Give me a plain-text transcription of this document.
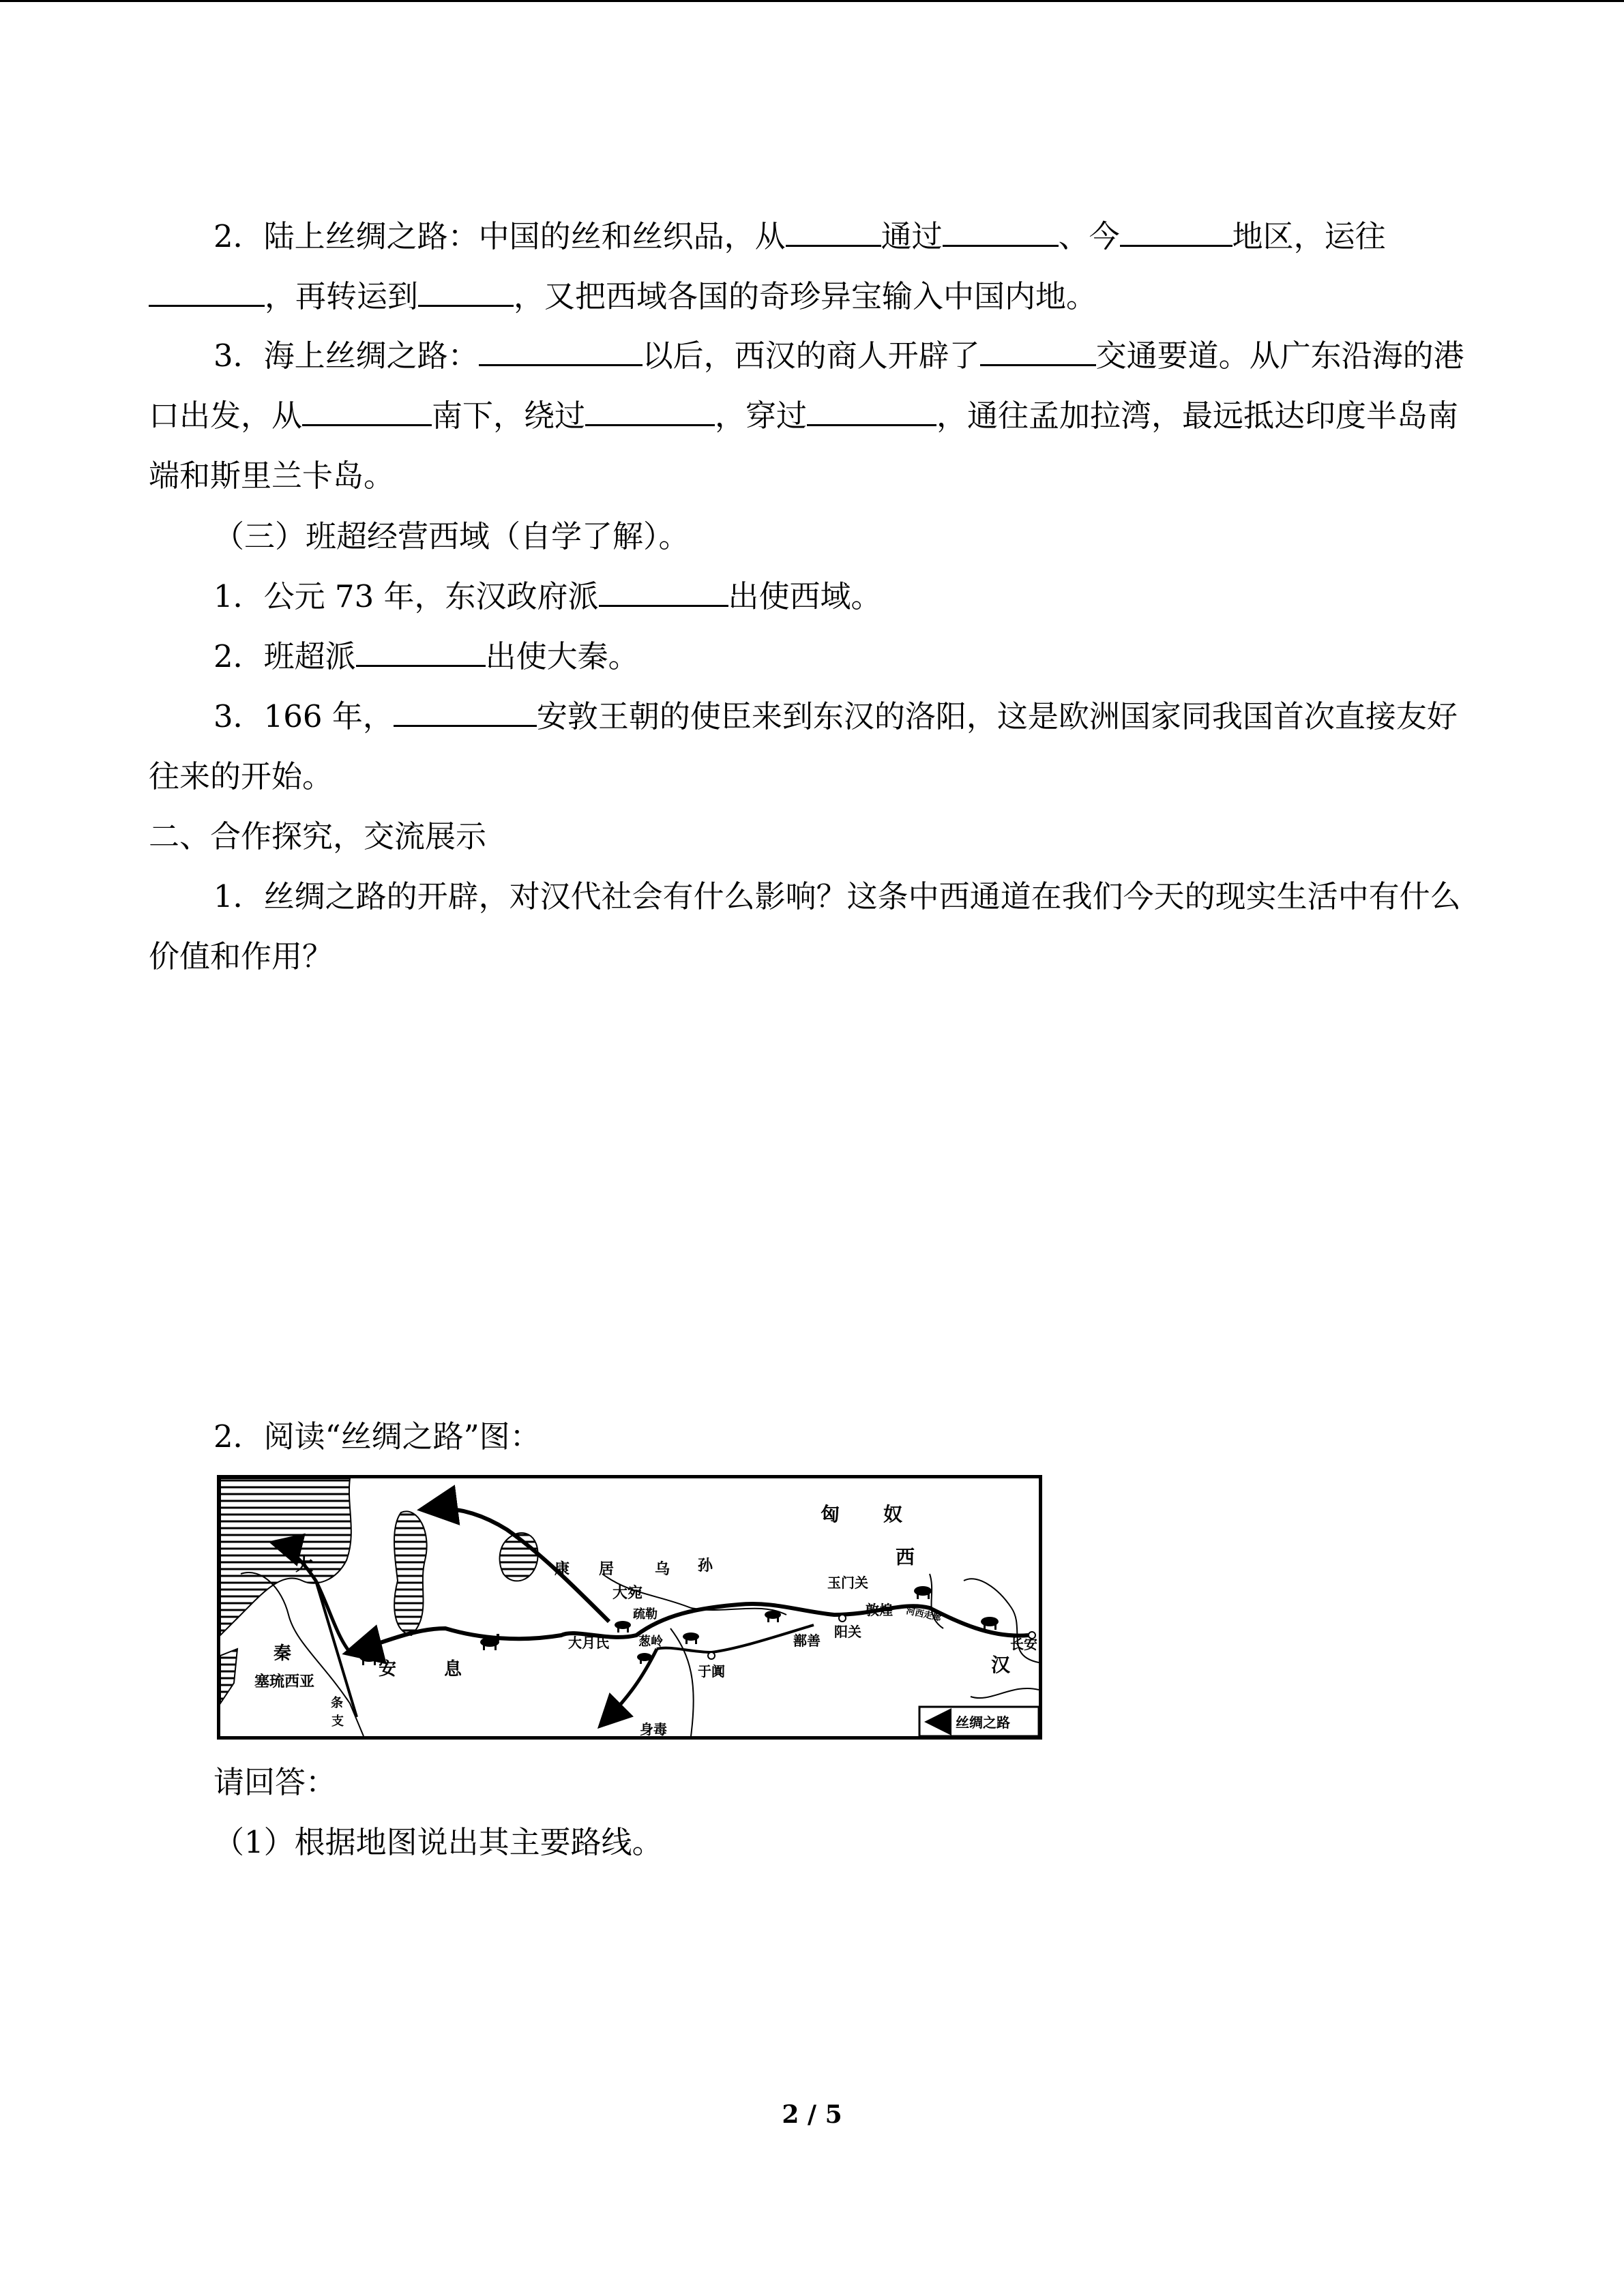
2．陆上丝绸之路：中国的丝和丝织品，从	通过	、今	地区，运往，再转运到	，又把西域各国的奇珍异宝输入中国内地。

3．海上丝绸之路：	以后，西汉的商人开辟了	交通要道。从广东沿海的港口出发，从	南下，绕过	，穿过	，通往孟加拉湾，最远抵达印度半岛南端和斯里兰卡岛。

（三）班超经营西域（自学了解）。

1．公元 73 年，东汉政府派	出使西域。

2．班超派	出使大秦。

3．166 年，	安敦王朝的使臣来到东汉的洛阳，这是欧洲国家同我国首次直接友好往来的开始。

二、合作探究，交流展示

1．丝绸之路的开辟，对汉代社会有什么影响？这条中西通道在我们今天的现实生活中有什么价值和作用？

2．阅读“丝绸之路”图：
匈 奴
西
汉
康 居	乌 孙
大宛
疏勒
葱岭
大月氏	鄯善
阳关
敦煌
玉门关
河西走廊
长安
于阗
身毒
安	息
大
秦
条
支
塞琉西亚
丝绸之路
请回答：
（1）根据地图说出其主要路线。
2 / 5
